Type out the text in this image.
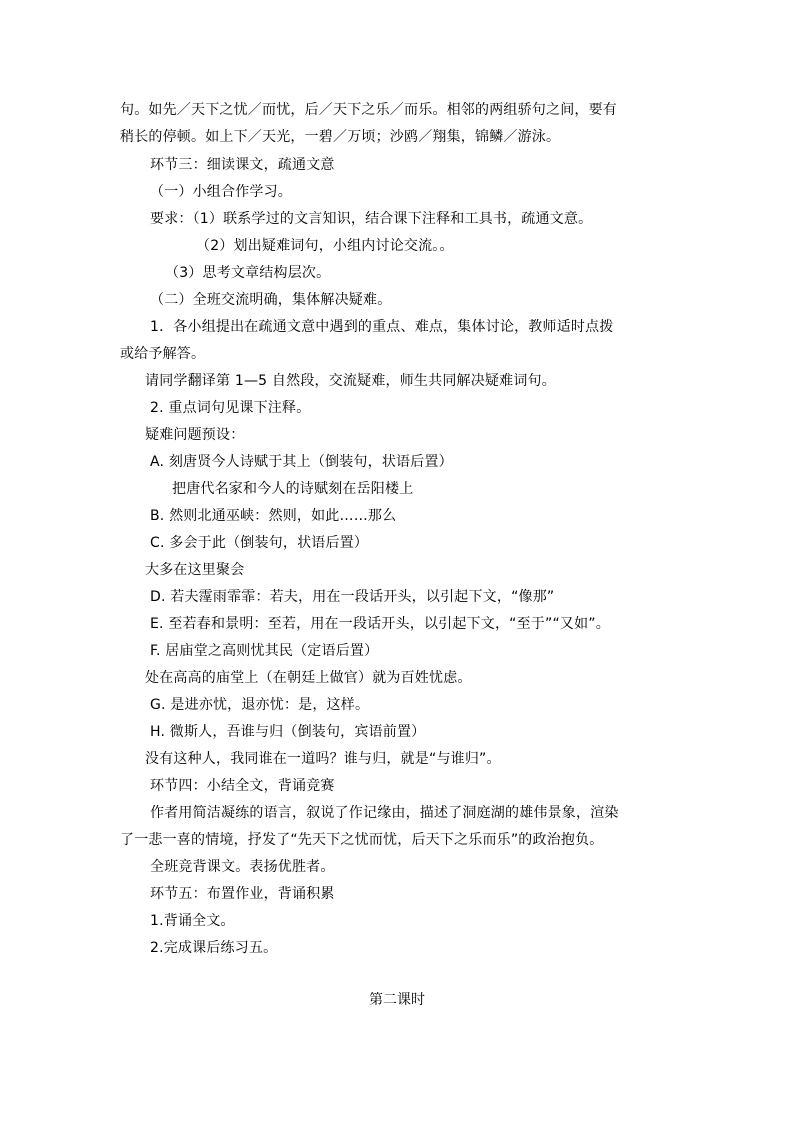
句。如先／天下之忧／而忧，后／天下之乐／而乐。相邻的两组骄句之间，要有
稍长的停顿。如上下／天光，一碧／万顷；沙鸥／翔集，锦鳞／游泳。
环节三：细读课文，疏通文意
（一）小组合作学习。
要求：（1）联系学过的文言知识，结合课下注释和工具书，疏通文意。
（2）划出疑难词句，小组内讨论交流。。
（3）思考文章结构层次。
（二）全班交流明确，集体解决疑难。
1．各小组提出在疏通文意中遇到的重点、难点，集体讨论，教师适时点拨
或给予解答。
请同学翻译第 1—5 自然段，交流疑难，师生共同解决疑难词句。
2. 重点词句见课下注释。
疑难问题预设：
A. 刻唐贤今人诗赋于其上（倒装句，状语后置）
把唐代名家和今人的诗赋刻在岳阳楼上
B. 然则北通巫峡：然则，如此……那么
C. 多会于此（倒装句，状语后置）
大多在这里聚会
D. 若夫霪雨霏霏：若夫，用在一段话开头，以引起下文，“像那”
E. 至若春和景明：至若，用在一段话开头，以引起下文，“至于”“又如”。
F. 居庙堂之高则忧其民（定语后置）
处在高高的庙堂上（在朝廷上做官）就为百姓忧虑。
G. 是进亦忧，退亦忧：是，这样。
H. 微斯人，吾谁与归（倒装句，宾语前置）
没有这种人，我同谁在一道吗？谁与归，就是“与谁归”。
环节四：小结全文，背诵竞赛
作者用简洁凝练的语言，叙说了作记缘由，描述了洞庭湖的雄伟景象，渲染
了一悲一喜的情境，抒发了“先天下之忧而忧，后天下之乐而乐”的政治抱负。
全班竞背课文。表扬优胜者。
环节五：布置作业，背诵积累
1.背诵全文。
2.完成课后练习五。
第二课时
